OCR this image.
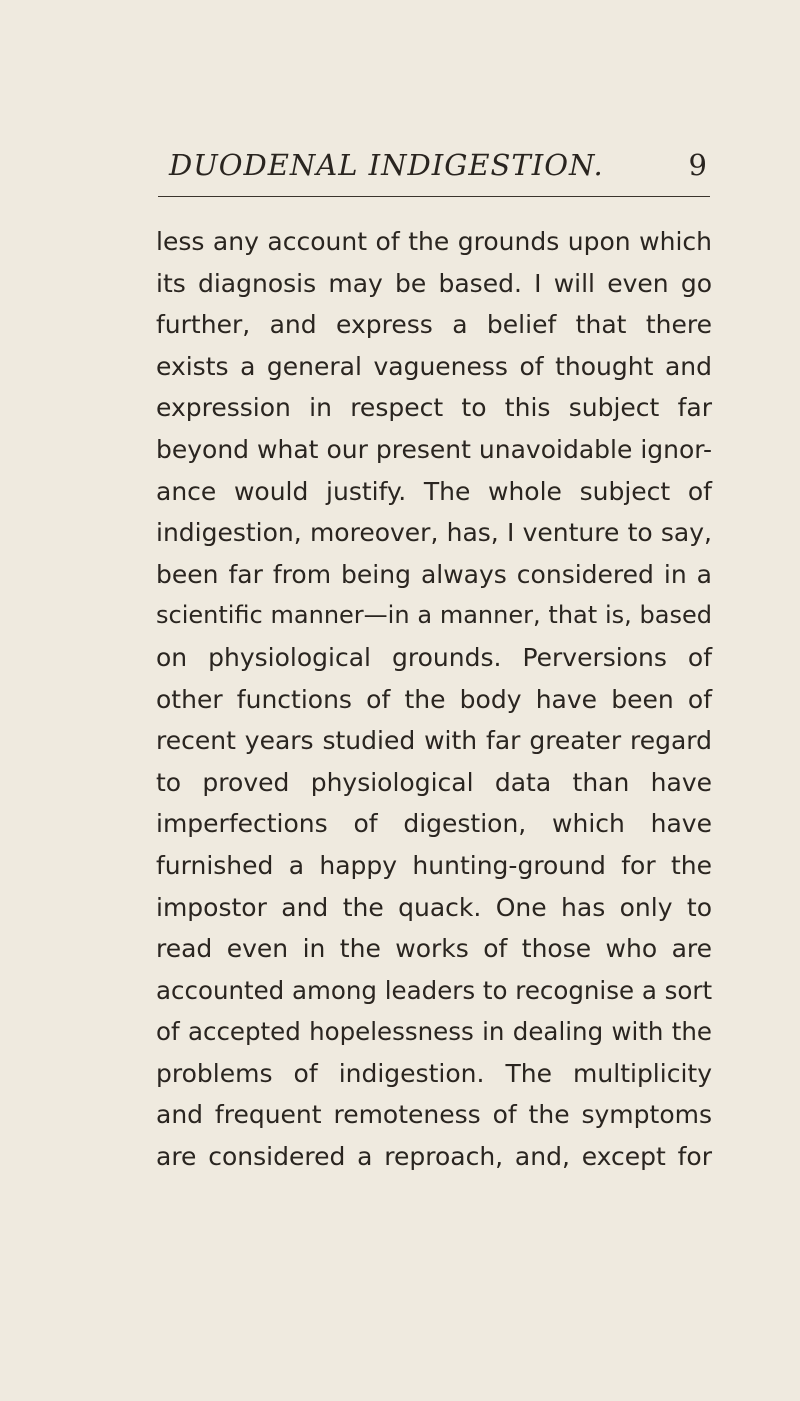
DUODENAL INDIGESTION.	9
less any account of the grounds upon which
its diagnosis may be based. I will even go
further, and express a belief that there
exists a general vagueness of thought and
expression in respect to this subject far
beyond what our present unavoidable ignor-
ance would justify. The whole subject of
indigestion, moreover, has, I venture to say,
been far from being always considered in a
scientific manner—in a manner, that is, based
on physiological grounds. Perversions of
other functions of the body have been of
recent years studied with far greater regard
to proved physiological data than have
imperfections of digestion, which have
furnished a happy hunting-ground for the
impostor and the quack. One has only to
read even in the works of those who are
accounted among leaders to recognise a sort
of accepted hopelessness in dealing with the
problems of indigestion. The multiplicity
and frequent remoteness of the symptoms
are considered a reproach, and, except for
